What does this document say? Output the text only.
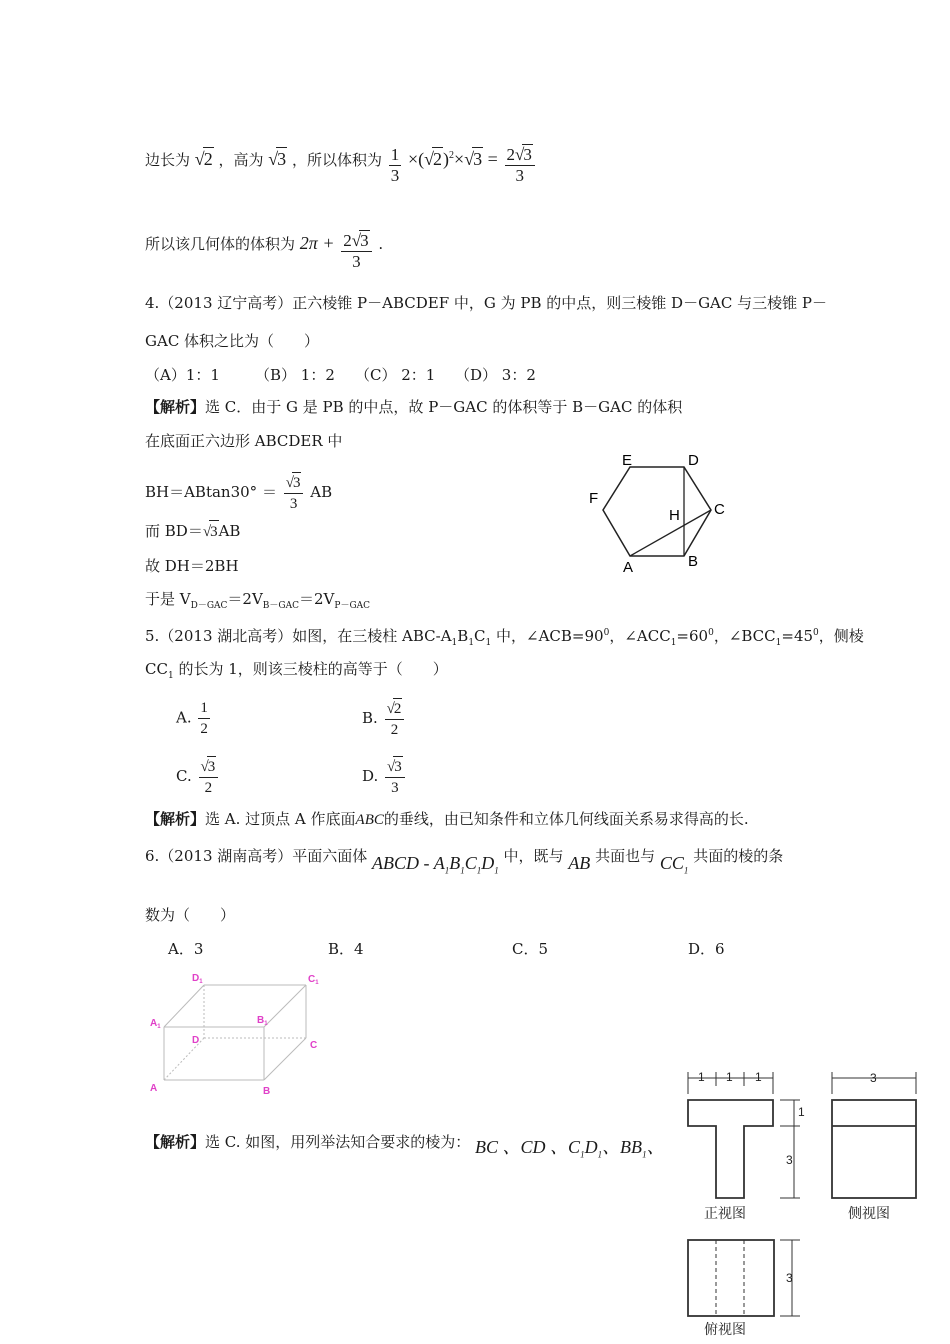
边长为 √2 ，高为 √3 ，所以体积为 $\frac{1}{3} \times(√2)^2\times√3 = \frac{2√3}{3}$
所以该几何体的体积为 $2\pi + \frac{2√3}{3}$ .
4.（2013 辽宁高考）正六棱锥 P－ABCDEF 中，G 为 PB 的中点，则三棱锥 D－GAC 与三棱锥 P－
GAC 体积之比为（　　）
（A）1：1 （B） 1：2 （C） 2：1 （D） 3：2
【解析】选 C．由于 G 是 PB 的中点，故 P－GAC 的体积等于 B－GAC 的体积
在底面正六边形 ABCDER 中
$BH=ABtan30^\circ = \frac{√3}{3}$ AB
而 BD＝√3AB
故 DH＝2BH
于是 $V_{D-GAC}=2V_{B-GAC}=2V_{P-GAC}$
E	D
F
C
H
A	B
5.（2013 湖北高考）如图，在三棱柱 ABC-$A_1B_1C_1$ 中，$\angle ACB=90^0$，$\angle ACC_1=60^0$，$\angle BCC_1=45^0$，侧棱
$CC_1$ 的长为 1，则该三棱柱的高等于（　　）
A. $\frac{1}{2}$	B. $\frac{√2}{2}$
C. $\frac{√3}{2}$	D. $\frac{√3}{3}$
【解析】选 A. 过顶点 A 作底面ABC的垂线，由已知条件和立体几何线面关系易求得高的长.
6.（2013 湖南高考）平面六面体 ABCD - $A_1B_1C_1D_1$ 中，既与 AB 共面也与 $CC_1$ 共面的棱的条
数为（　　）
A．3	B．4	C．5	D．6
$D_1$	$C_1$
$A_1$
$B_1$
D	C
A	B
【解析】选 C. 如图，用列举法知合要求的棱为： BC 、CD 、$C_1D_1$、$BB_1$、
1 1 1
1
3
3
3
正视图	侧视图
俯视图
